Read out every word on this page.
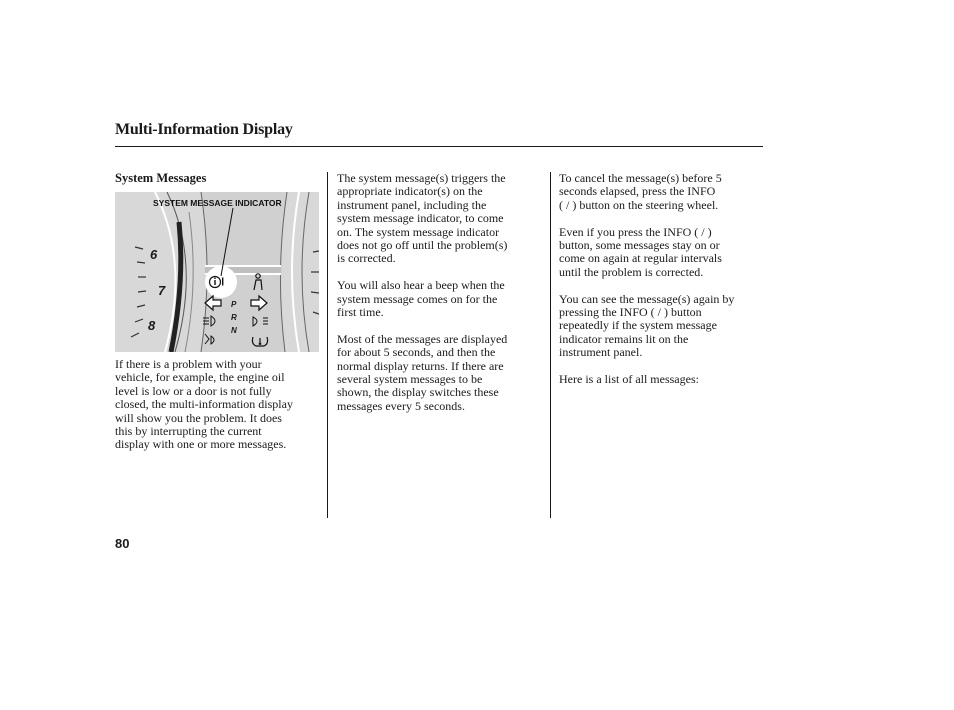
Multi-Information Display
System Messages
6
7
8
P
R
N
SYSTEM MESSAGE INDICATOR

If there is a problem with your
vehicle, for example, the engine oil
level is low or a door is not fully
closed, the multi-information display
will show you the problem. It does
this by interrupting the current
display with one or more messages.

The system message(s) triggers the
appropriate indicator(s) on the
instrument panel, including the
system message indicator, to come
on. The system message indicator
does not go off until the problem(s)
is corrected.

You will also hear a beep when the
system message comes on for the
first time.

Most of the messages are displayed
for about 5 seconds, and then the
normal display returns. If there are
several system messages to be
shown, the display switches these
messages every 5 seconds.

To cancel the message(s) before 5
seconds elapsed, press the INFO
( / ) button on the steering wheel.

Even if you press the INFO ( / )
button, some messages stay on or
come on again at regular intervals
until the problem is corrected.

You can see the message(s) again by
pressing the INFO ( / ) button
repeatedly if the system message
indicator remains lit on the
instrument panel.

Here is a list of all messages:

80
